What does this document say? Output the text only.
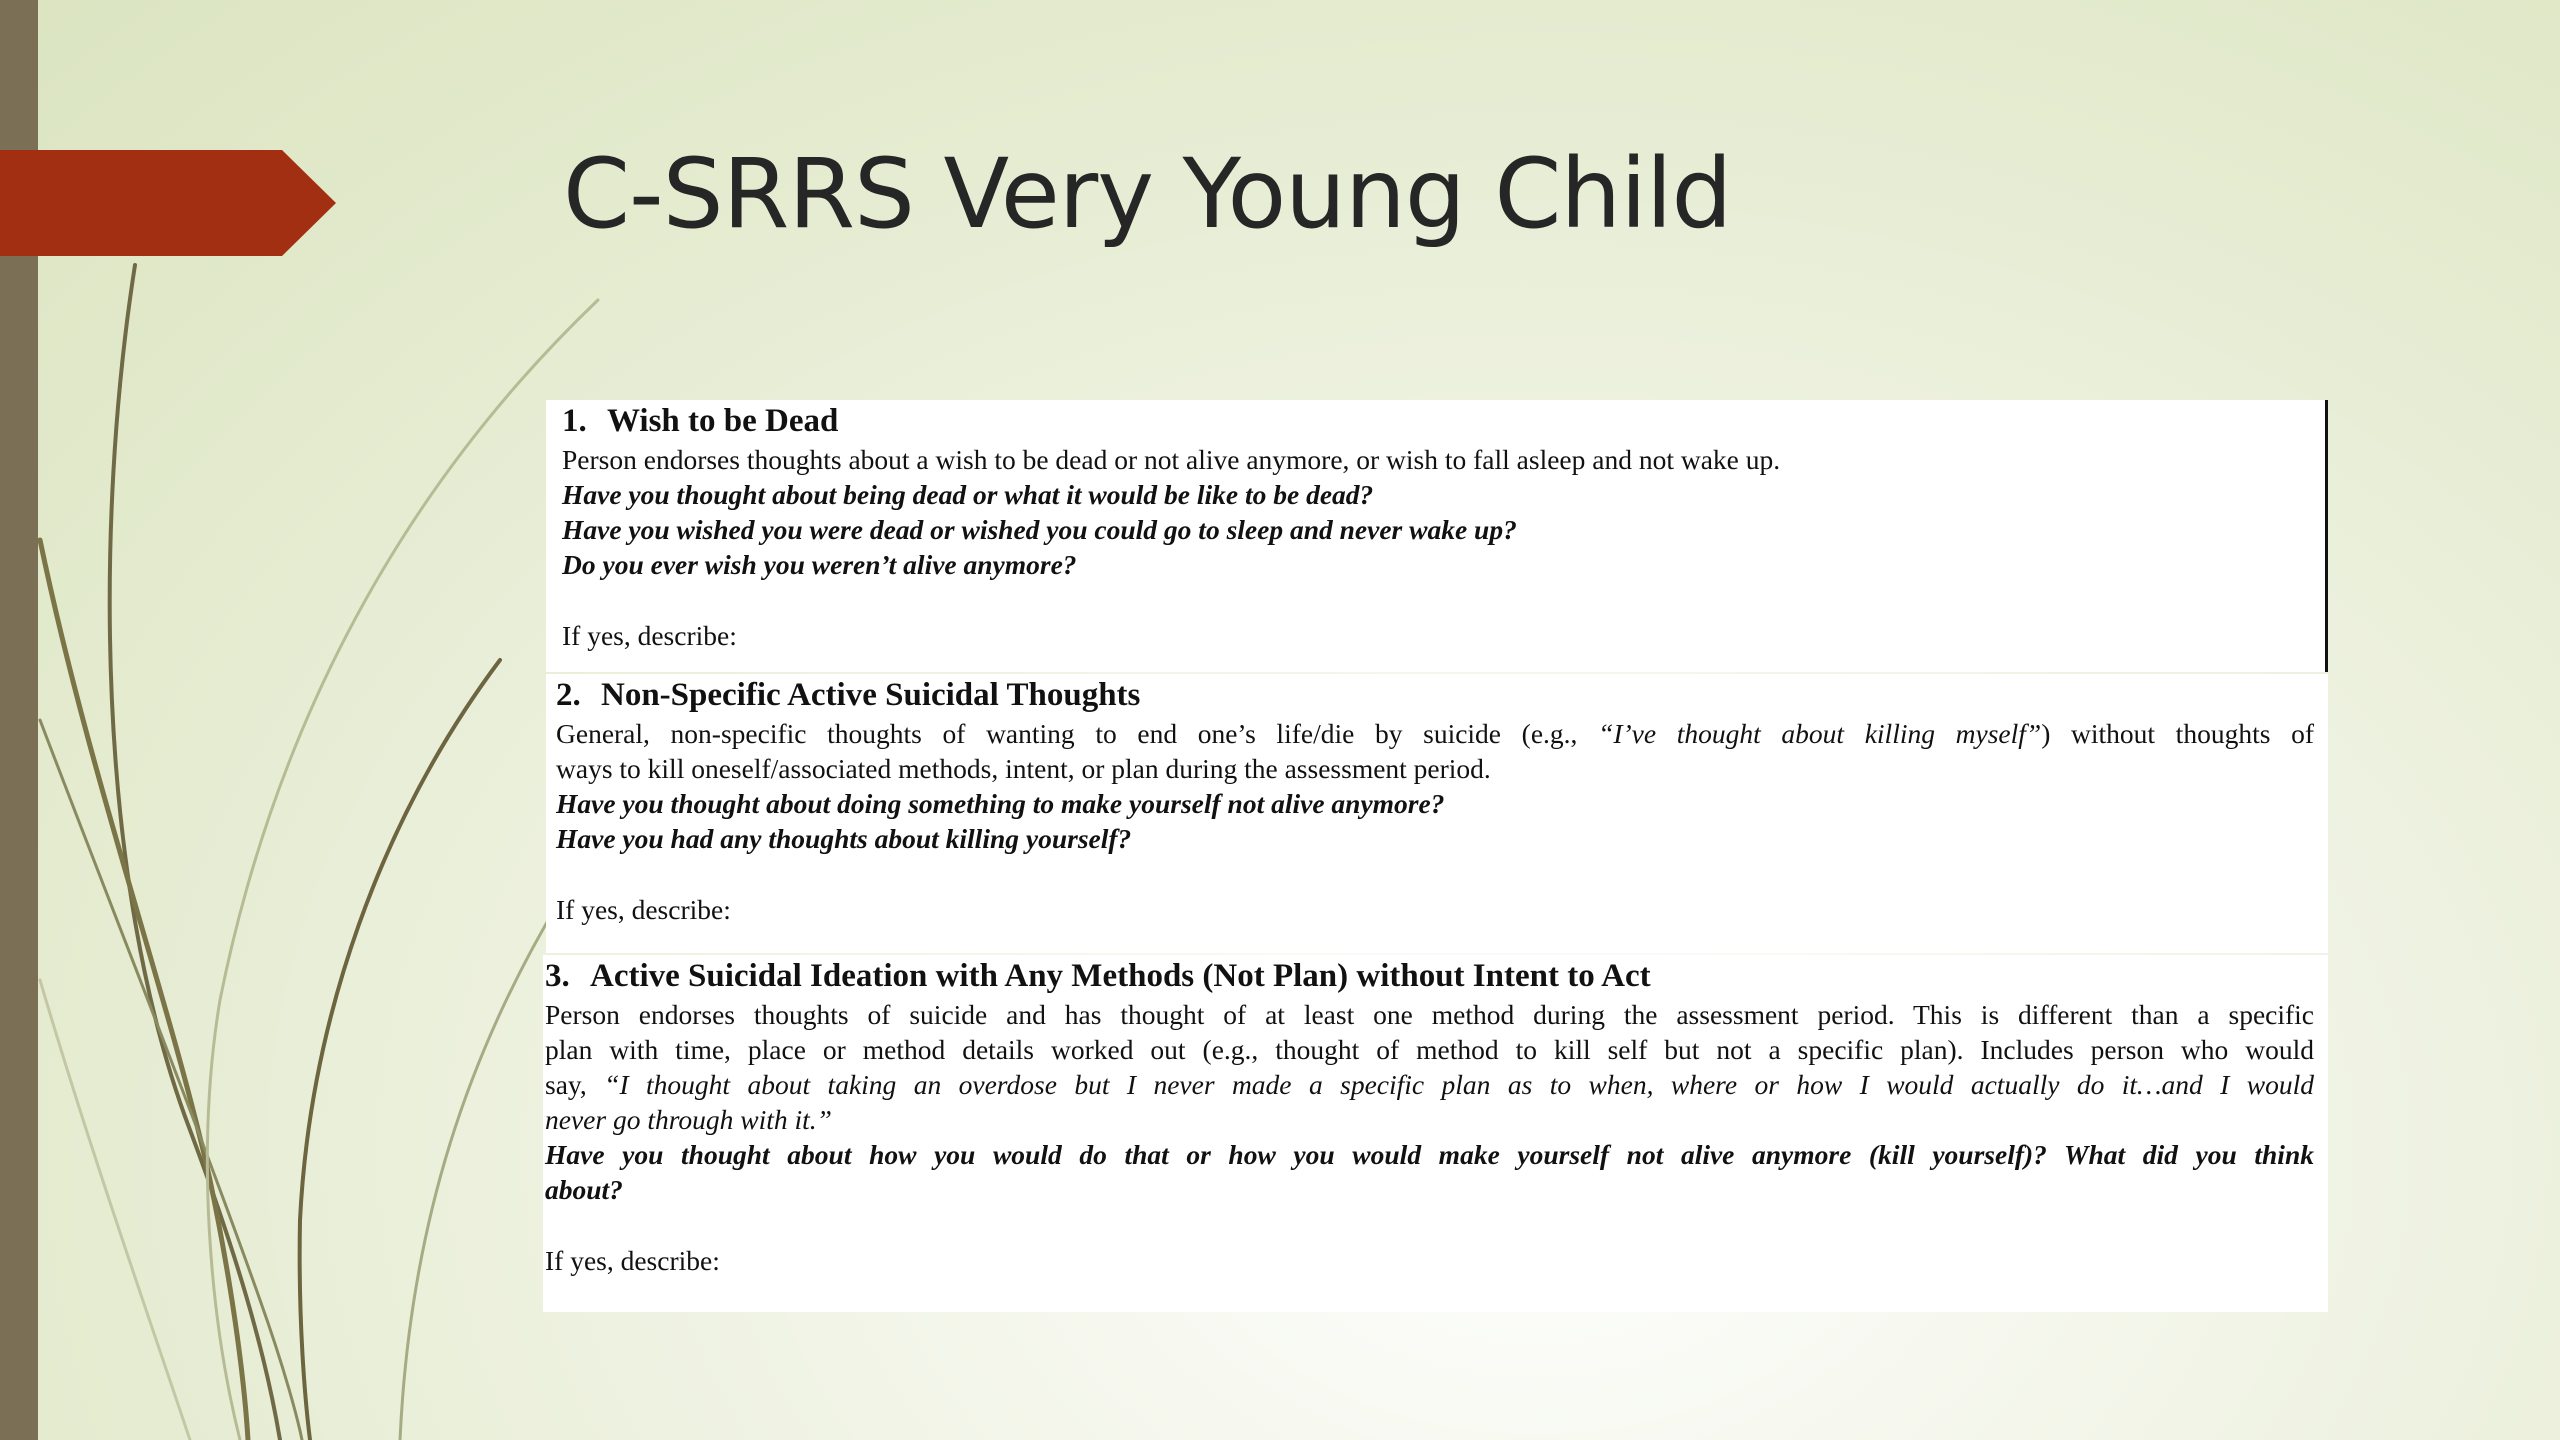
C-SRRS Very Young Child
1. Wish to be Dead
Person endorses thoughts about a wish to be dead or not alive anymore, or wish to fall asleep and not wake up.
Have you thought about being dead or what it would be like to be dead?
Have you wished you were dead or wished you could go to sleep and never wake up?
Do you ever wish you weren’t alive anymore?
If yes, describe:
2. Non-Specific Active Suicidal Thoughts
General, non-specific thoughts of wanting to end one’s life/die by suicide (e.g., “I’ve thought about killing myself”) without thoughts of
ways to kill oneself/associated methods, intent, or plan during the assessment period.
Have you thought about doing something to make yourself not alive anymore?
Have you had any thoughts about killing yourself?
If yes, describe:
3. Active Suicidal Ideation with Any Methods (Not Plan) without Intent to Act
Person endorses thoughts of suicide and has thought of at least one method during the assessment period. This is different than a specific
plan with time, place or method details worked out (e.g., thought of method to kill self but not a specific plan). Includes person who would
say, “I thought about taking an overdose but I never made a specific plan as to when, where or how I would actually do it…and I would
never go through with it.”
Have you thought about how you would do that or how you would make yourself not alive anymore (kill yourself)? What did you think
about?
If yes, describe:
